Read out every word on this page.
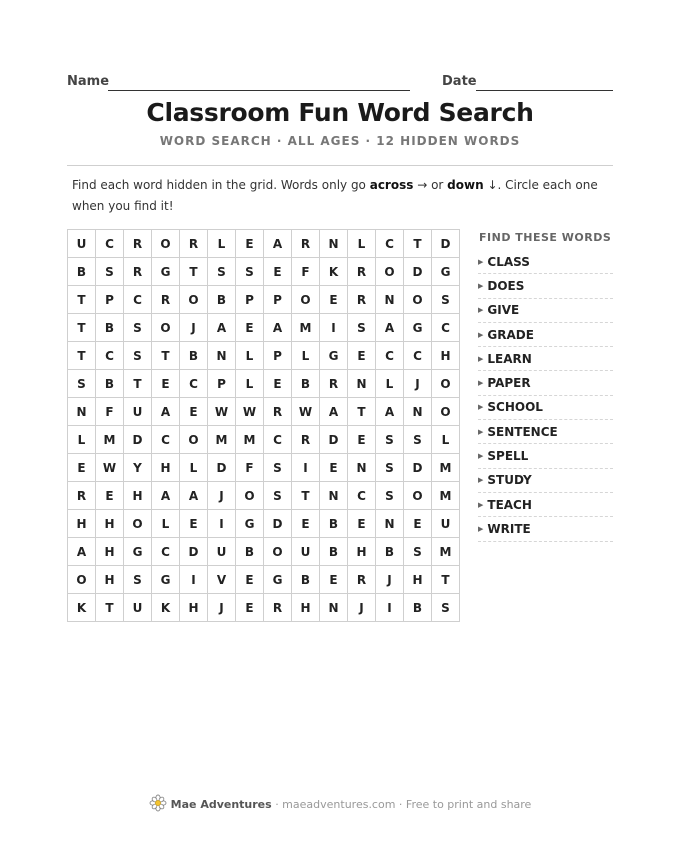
Name	Date
Classroom Fun Word Search
WORD SEARCH · ALL AGES · 12 HIDDEN WORDS
Find each word hidden in the grid. Words only go across → or down ↓. Circle each one when you find it!
U	C	R	O	R	L	E	A	R	N	L	C	T	D
B	S	R	G	T	S	S	E	F	K	R	O	D	G
T	P	C	R	O	B	P	P	O	E	R	N	O	S
T	B	S	O	J	A	E	A	M	I	S	A	G	C
T	C	S	T	B	N	L	P	L	G	E	C	C	H
S	B	T	E	C	P	L	E	B	R	N	L	J	O
N	F	U	A	E	W	W	R	W	A	T	A	N	O
L	M	D	C	O	M	M	C	R	D	E	S	S	L
E	W	Y	H	L	D	F	S	I	E	N	S	D	M
R	E	H	A	A	J	O	S	T	N	C	S	O	M
H	H	O	L	E	I	G	D	E	B	E	N	E	U
A	H	G	C	D	U	B	O	U	B	H	B	S	M
O	H	S	G	I	V	E	G	B	E	R	J	H	T
K	T	U	K	H	J	E	R	H	N	J	I	B	S
FIND THESE WORDS
▶ CLASS
▶ DOES
▶ GIVE
▶ GRADE
▶ LEARN
▶ PAPER
▶ SCHOOL
▶ SENTENCE
▶ SPELL
▶ STUDY
▶ TEACH
▶ WRITE
Mae Adventures · maeadventures.com · Free to print and share
